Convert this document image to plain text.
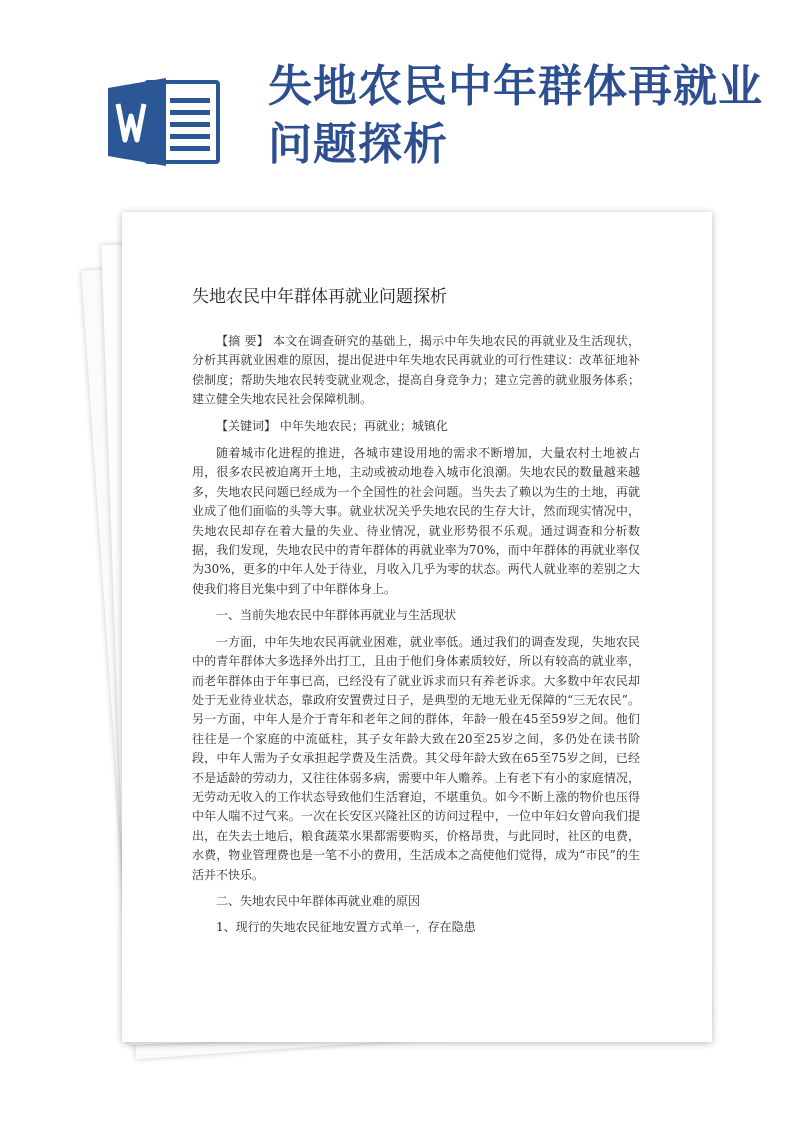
失地农民中年群体再就业问题探析
失地农民中年群体再就业问题探析

【摘 要】 本文在调查研究的基础上，揭示中年失地农民的再就业及生活现状，分析其再就业困难的原因，提出促进中年失地农民再就业的可行性建议：改革征地补偿制度；帮助失地农民转变就业观念，提高自身竞争力；建立完善的就业服务体系；建立健全失地农民社会保障机制。

【关键词】 中年失地农民；再就业；城镇化

随着城市化进程的推进，各城市建设用地的需求不断增加，大量农村土地被占用，很多农民被迫离开土地，主动或被动地卷入城市化浪潮。失地农民的数量越来越多，失地农民问题已经成为一个全国性的社会问题。当失去了赖以为生的土地，再就业成了他们面临的头等大事。就业状况关乎失地农民的生存大计，然而现实情况中，失地农民却存在着大量的失业、待业情况，就业形势很不乐观。通过调查和分析数据，我们发现，失地农民中的青年群体的再就业率为70%，而中年群体的再就业率仅为30%，更多的中年人处于待业，月收入几乎为零的状态。两代人就业率的差别之大使我们将目光集中到了中年群体身上。

一、当前失地农民中年群体再就业与生活现状

一方面，中年失地农民再就业困难，就业率低。通过我们的调查发现，失地农民中的青年群体大多选择外出打工，且由于他们身体素质较好，所以有较高的就业率，而老年群体由于年事已高，已经没有了就业诉求而只有养老诉求。大多数中年农民却处于无业待业状态，靠政府安置费过日子，是典型的无地无业无保障的“三无农民”。另一方面，中年人是介于青年和老年之间的群体，年龄一般在45至59岁之间。他们往往是一个家庭的中流砥柱，其子女年龄大致在20至25岁之间，多仍处在读书阶段，中年人需为子女承担起学费及生活费。其父母年龄大致在65至75岁之间，已经不是适龄的劳动力，又往往体弱多病，需要中年人赡养。上有老下有小的家庭情况，无劳动无收入的工作状态导致他们生活窘迫，不堪重负。如今不断上涨的物价也压得中年人喘不过气来。一次在长安区兴隆社区的访问过程中，一位中年妇女曾向我们提出，在失去土地后，粮食蔬菜水果都需要购买，价格昂贵，与此同时，社区的电费，水费，物业管理费也是一笔不小的费用，生活成本之高使他们觉得，成为“市民”的生活并不快乐。

二、失地农民中年群体再就业难的原因

1、现行的失地农民征地安置方式单一，存在隐患
